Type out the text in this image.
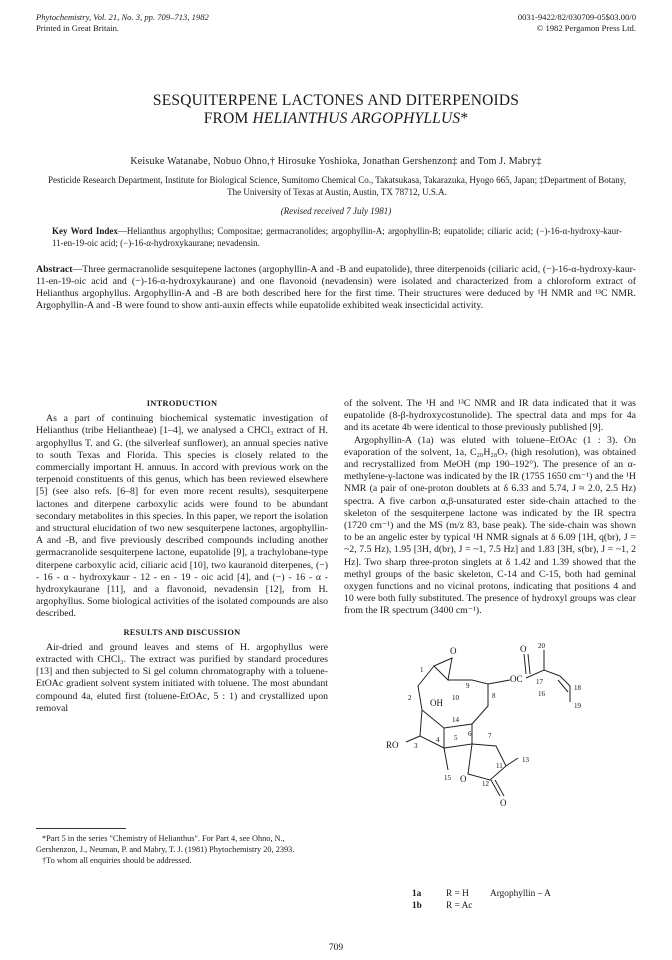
Phytochemistry, Vol. 21, No. 3, pp. 709–713, 1982
Printed in Great Britain.
0031-9422/82/030709-05$03.00/0
© 1982 Pergamon Press Ltd.
SESQUITERPENE LACTONES AND DITERPENOIDS
FROM HELIANTHUS ARGOPHYLLUS*
Keisuke Watanabe, Nobuo Ohno,† Hirosuke Yoshioka, Jonathan Gershenzon‡ and Tom J. Mabry‡
Pesticide Research Department, Institute for Biological Science, Sumitomo Chemical Co., Takatsukasa, Takarazuka, Hyogo 665, Japan; ‡Department of Botany, The University of Texas at Austin, Austin, TX 78712, U.S.A.
(Revised received 7 July 1981)
Key Word Index—Helianthus argophyllus; Compositae; germacranolides; argophyllin-A; argophyllin-B; eupatolide; ciliaric acid; (−)-16-α-hydroxy-kaur-11-en-19-oic acid; (−)-16-α-hydroxykaurane; nevadensin.
Abstract—Three germacranolide sesquitepene lactones (argophyllin-A and -B and eupatolide), three diterpenoids (ciliaric acid, (−)-16-α-hydroxy-kaur-11-en-19-oic acid and (−)-16-α-hydroxykaurane) and one flavonoid (nevadensin) were isolated and characterized from a chloroform extract of Helianthus argophyllus. Argophyllin-A and -B are both described here for the first time. Their structures were deduced by ¹H NMR and ¹³C NMR. Argophyllin-A and -B were found to show anti-auxin effects while eupatolide exhibited weak insecticidal activity.
INTRODUCTION

As a part of continuing biochemical systematic investigation of Helianthus (tribe Heliantheae) [1–4], we analysed a CHCl₃ extract of H. argophyllus T. and G. (the silverleaf sunflower), an annual species native to south Texas and Florida. This species is closely related to the commercially important H. annuus. In accord with previous work on the terpenoid constituents of this genus, which has been reviewed elsewhere [5] (see also refs. [6–8] for even more recent results), sesquiterpene lactones and diterpene carboxylic acids were found to be abundant secondary metabolites in this species. In this paper, we report the isolation and structural elucidation of two new sesquiterpene lactones, argophyllin-A and -B, and five previously described compounds including another germacranolide sesquiterpene lactone, eupatolide [9], a trachylobane-type diterpene carboxylic acid, ciliaric acid [10], two kauranoid diterpenes, (−) - 16 - α - hydroxykaur - 12 - en - 19 - oic acid [4], and (−) - 16 - α - hydroxykaurane [11], and a flavonoid, nevadensin [12], from H. argophyllus. Some biological activities of the isolated compounds are also described.

RESULTS AND DISCUSSION

Air-dried and ground leaves and stems of H. argophyllus were extracted with CHCl₃. The extract was purified by standard procedures [13] and then subjected to Si gel column chromatography with a toluene-EtOAc gradient solvent system initiated with toluene. The most abundant compound 4a, eluted first (toluene-EtOAc, 5 : 1) and crystallized upon removal

of the solvent. The ¹H and ¹³C NMR and IR data indicated that it was eupatolide (8-β-hydroxycostunolide). The spectral data and mps for 4a and its acetate 4b were identical to those previously published [9].

Argophyllin-A (1a) was eluted with toluene–EtOAc (1 : 3). On evaporation of the solvent, 1a, C₂₀H₂₈O₇ (high resolution), was obtained and recrystallized from MeOH (mp 190–192°). The presence of an α-methylene-γ-lactone was indicated by the IR (1755 1650 cm⁻¹) and the ¹H NMR (a pair of one-proton doublets at δ 6.33 and 5.74, J ≈ 2.0, 2.5 Hz) spectra. A five carbon α,β-unsaturated ester side-chain attached to the skeleton of the sesquiterpene lactone was indicated by the IR spectra (1720 cm⁻¹) and the MS (m/z 83, base peak). The side-chain was shown to be an angelic ester by typical ¹H NMR signals at δ 6.09 [1H, q(br), J = ~2, 7.5 Hz), 1.95 [3H, d(br), J = ~1, 7.5 Hz] and 1.83 [3H, s(br), J = ~1, 2 Hz]. Two sharp three-proton singlets at δ 1.42 and 1.39 showed that the methyl groups of the basic skeleton, C-14 and C-15, both had geminal oxygen functions and no vicinal protons, indicating that positions 4 and 10 were both fully substituted. The presence of hydroxyl groups was clear from the IR spectrum (3400 cm⁻¹).

O	20
1
O
OC 17
18
19
16
2 OH 10
9
8
14
RO 3
4 5 6 7
11
13
15 O 12
O
1a	R = H Argophyllin – A
1b	R = Ac

*Part 5 in the series "Chemistry of Helianthus". For Part 4, see Ohno, N., Gershenzon, J., Neuman, P. and Mabry, T. J. (1981) Phytochemistry 20, 2393.

†To whom all enquiries should be addressed.

709
